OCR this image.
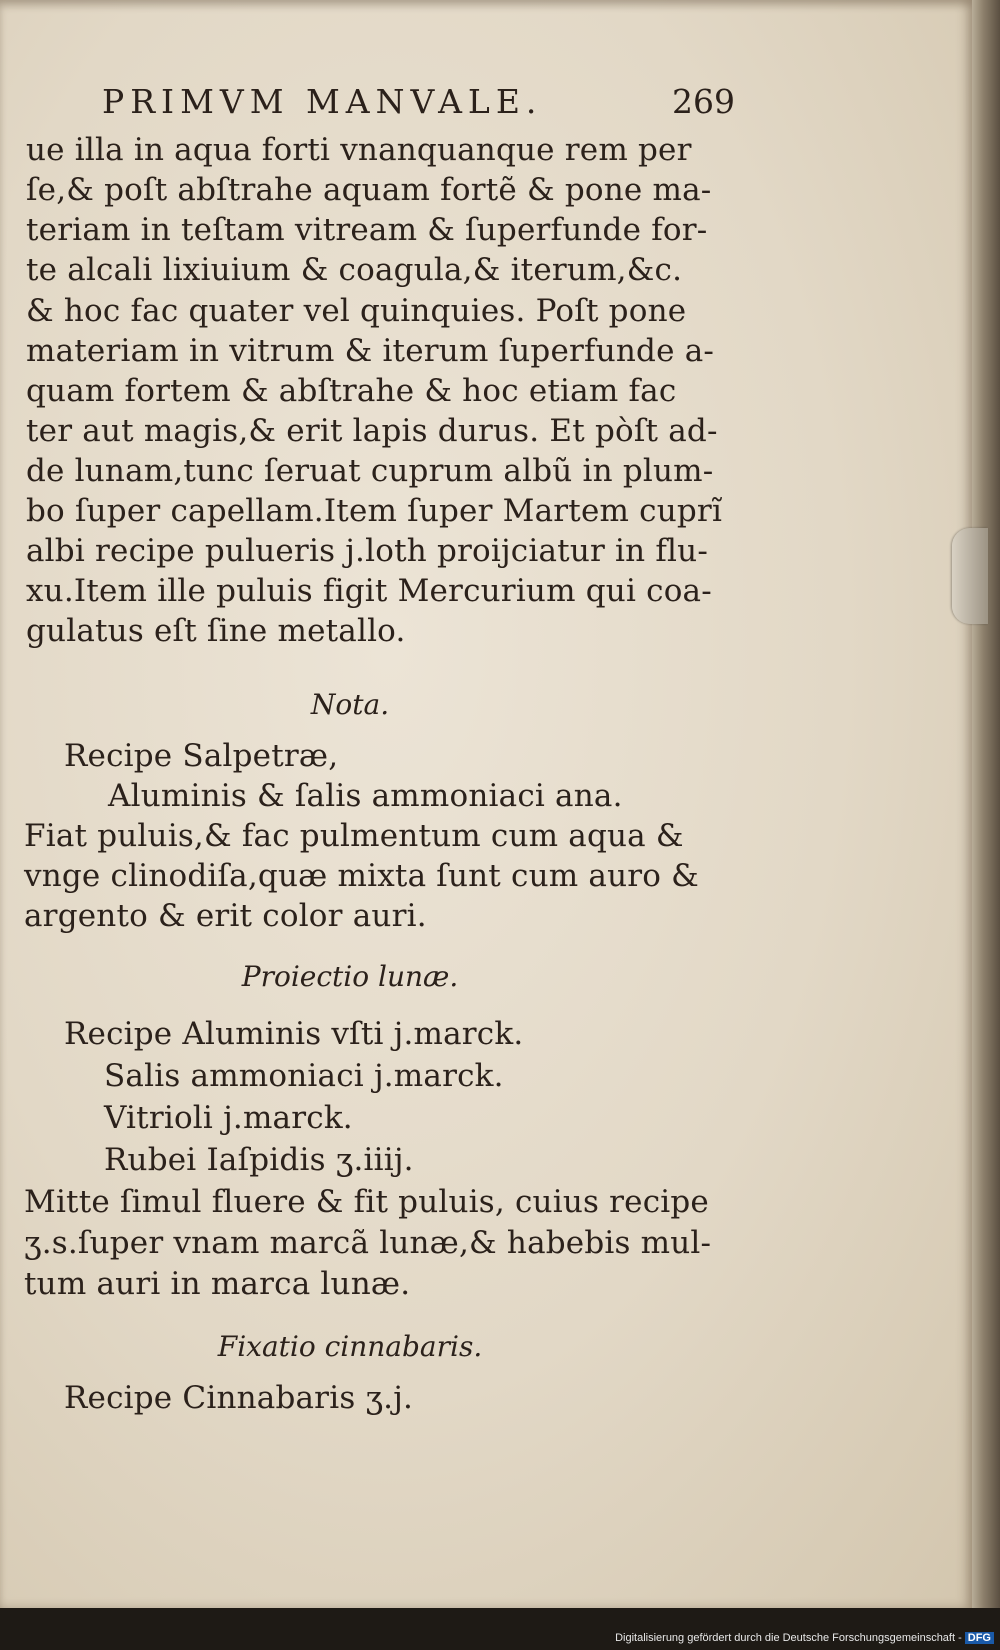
PRIMVM MANVALE.	269
ue illa in aqua forti vnanquanque rem per
ſe,& poſt abſtrahe aquam fortẽ & pone ma-
teriam in teſtam vitream & ſuperfunde for-
te alcali lixiuium & coagula,& iterum,&c.
& hoc fac quater vel quinquies. Poſt pone
materiam in vitrum & iterum ſuperfunde a-
quam fortem & abſtrahe & hoc etiam fac
ter aut magis,& erit lapis durus. Et pòſt ad-
de lunam,tunc ſeruat cuprum albũ in plum-
bo ſuper capellam.Item ſuper Martem cuprĩ
albi recipe pulueris j.loth proijciatur in flu-
xu.Item ille puluis figit Mercurium qui coa-
gulatus eſt ſine metallo.
Nota.
Recipe Salpetræ,
Aluminis & ſalis ammoniaci ana.
Fiat puluis,& fac pulmentum cum aqua &
vnge clinodiſa,quæ mixta ſunt cum auro &
argento & erit color auri.
Proiectio lunæ.
Recipe Aluminis vſti j.marck.
Salis ammoniaci j.marck.
Vitrioli j.marck.
Rubei Iaſpidis ʒ.iiij.
Mitte ſimul fluere & fit puluis, cuius recipe
ʒ.s.ſuper vnam marcã lunæ,& habebis mul-
tum auri in marca lunæ.
Fixatio cinnabaris.
Recipe Cinnabaris ʒ.j.
Digitalisierung gefördert durch die Deutsche Forschungsgemeinschaft - DFG
